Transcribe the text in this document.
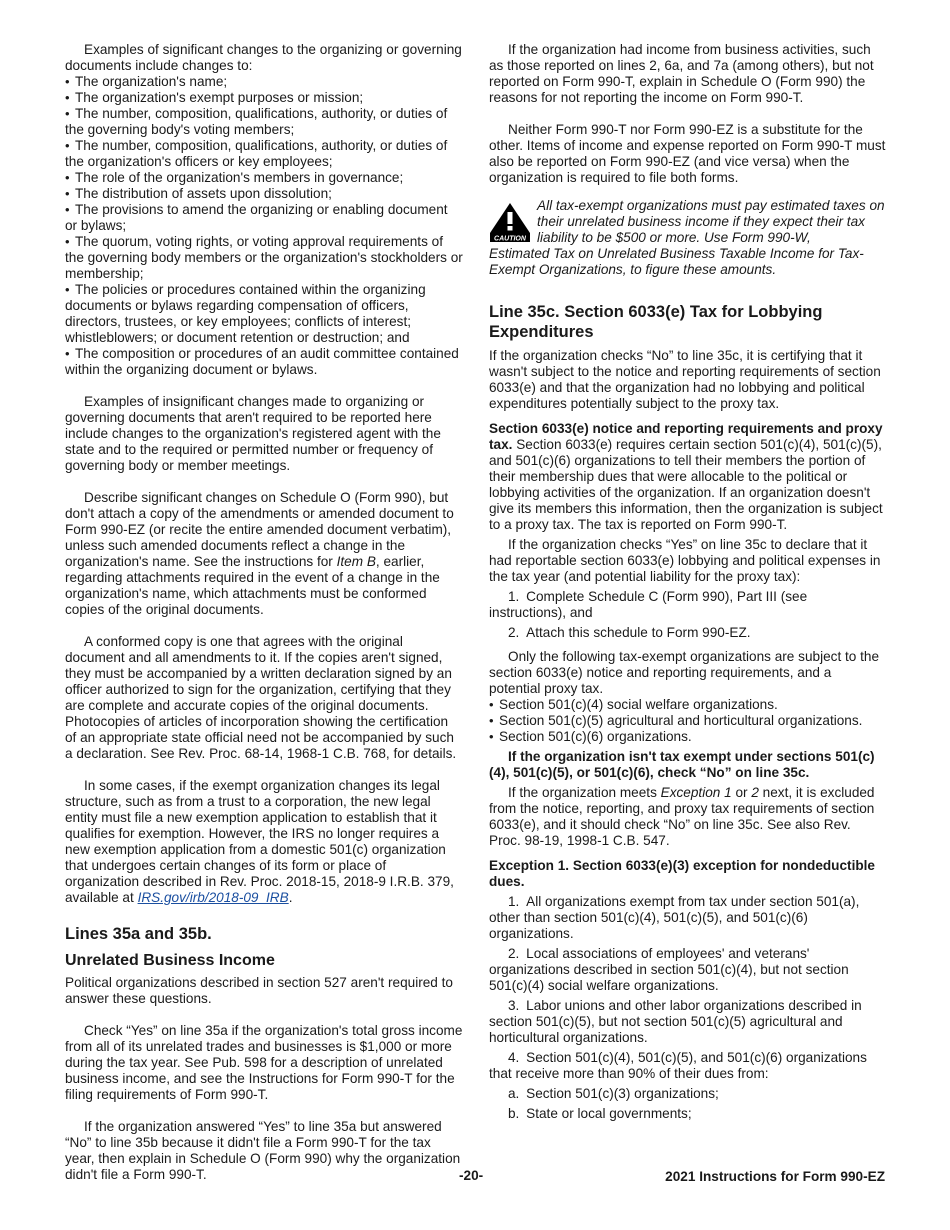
Examples of significant changes to the organizing or governing documents include changes to:

• The organization's name;

• The organization's exempt purposes or mission;

• The number, composition, qualifications, authority, or duties of the governing body's voting members;

• The number, composition, qualifications, authority, or duties of the organization's officers or key employees;

• The role of the organization's members in governance;

• The distribution of assets upon dissolution;

• The provisions to amend the organizing or enabling document or bylaws;

• The quorum, voting rights, or voting approval requirements of the governing body members or the organization's stockholders or membership;

• The policies or procedures contained within the organizing documents or bylaws regarding compensation of officers, directors, trustees, or key employees; conflicts of interest; whistleblowers; or document retention or destruction; and

• The composition or procedures of an audit committee contained within the organizing document or bylaws.

Examples of insignificant changes made to organizing or governing documents that aren't required to be reported here include changes to the organization's registered agent with the state and to the required or permitted number or frequency of governing body or member meetings.

Describe significant changes on Schedule O (Form 990), but don't attach a copy of the amendments or amended document to Form 990-EZ (or recite the entire amended document verbatim), unless such amended documents reflect a change in the organization's name. See the instructions for Item B, earlier, regarding attachments required in the event of a change in the organization's name, which attachments must be conformed copies of the original documents.

A conformed copy is one that agrees with the original document and all amendments to it. If the copies aren't signed, they must be accompanied by a written declaration signed by an officer authorized to sign for the organization, certifying that they are complete and accurate copies of the original documents. Photocopies of articles of incorporation showing the certification of an appropriate state official need not be accompanied by such a declaration. See Rev. Proc. 68-14, 1968-1 C.B. 768, for details.

In some cases, if the exempt organization changes its legal structure, such as from a trust to a corporation, the new legal entity must file a new exemption application to establish that it qualifies for exemption. However, the IRS no longer requires a new exemption application from a domestic 501(c) organization that undergoes certain changes of its form or place of organization described in Rev. Proc. 2018-15, 2018-9 I.R.B. 379, available at IRS.gov/irb/2018-09_IRB.

Lines 35a and 35b.
Unrelated Business Income

Political organizations described in section 527 aren't required to answer these questions.

Check “Yes” on line 35a if the organization's total gross income from all of its unrelated trades and businesses is $1,000 or more during the tax year. See Pub. 598 for a description of unrelated business income, and see the Instructions for Form 990-T for the filing requirements of Form 990-T.

If the organization answered “Yes” to line 35a but answered “No” to line 35b because it didn't file a Form 990-T for the tax year, then explain in Schedule O (Form 990) why the organization didn't file a Form 990-T.

If the organization had income from business activities, such as those reported on lines 2, 6a, and 7a (among others), but not reported on Form 990-T, explain in Schedule O (Form 990) the reasons for not reporting the income on Form 990-T.

Neither Form 990-T nor Form 990-EZ is a substitute for the other. Items of income and expense reported on Form 990-T must also be reported on Form 990-EZ (and vice versa) when the organization is required to file both forms.

CAUTION
All tax-exempt organizations must pay estimated taxes on their unrelated business income if they expect their tax liability to be $500 or more. Use Form 990-W,
Estimated Tax on Unrelated Business Taxable Income for Tax-Exempt Organizations, to figure these amounts.
Line 35c. Section 6033(e) Tax for Lobbying Expenditures

If the organization checks “No” to line 35c, it is certifying that it wasn't subject to the notice and reporting requirements of section 6033(e) and that the organization had no lobbying and political expenditures potentially subject to the proxy tax.

Section 6033(e) notice and reporting requirements and proxy tax. Section 6033(e) requires certain section 501(c)(4), 501(c)(5), and 501(c)(6) organizations to tell their members the portion of their membership dues that were allocable to the political or lobbying activities of the organization. If an organization doesn't give its members this information, then the organization is subject to a proxy tax. The tax is reported on Form 990-T.

If the organization checks “Yes” on line 35c to declare that it had reportable section 6033(e) lobbying and political expenses in the tax year (and potential liability for the proxy tax):

1. Complete Schedule C (Form 990), Part III (see instructions), and

2. Attach this schedule to Form 990-EZ.

Only the following tax-exempt organizations are subject to the section 6033(e) notice and reporting requirements, and a potential proxy tax.

• Section 501(c)(4) social welfare organizations.

• Section 501(c)(5) agricultural and horticultural organizations.

• Section 501(c)(6) organizations.

If the organization isn't tax exempt under sections 501(c)(4), 501(c)(5), or 501(c)(6), check “No” on line 35c.

If the organization meets Exception 1 or 2 next, it is excluded from the notice, reporting, and proxy tax requirements of section 6033(e), and it should check “No” on line 35c. See also Rev. Proc. 98-19, 1998-1 C.B. 547.

Exception 1. Section 6033(e)(3) exception for nondeductible dues.

1. All organizations exempt from tax under section 501(a), other than section 501(c)(4), 501(c)(5), and 501(c)(6) organizations.

2. Local associations of employees' and veterans' organizations described in section 501(c)(4), but not section 501(c)(4) social welfare organizations.

3. Labor unions and other labor organizations described in section 501(c)(5), but not section 501(c)(5) agricultural and horticultural organizations.

4. Section 501(c)(4), 501(c)(5), and 501(c)(6) organizations that receive more than 90% of their dues from:

a. Section 501(c)(3) organizations;

b. State or local governments;

-20-	2021 Instructions for Form 990-EZ
